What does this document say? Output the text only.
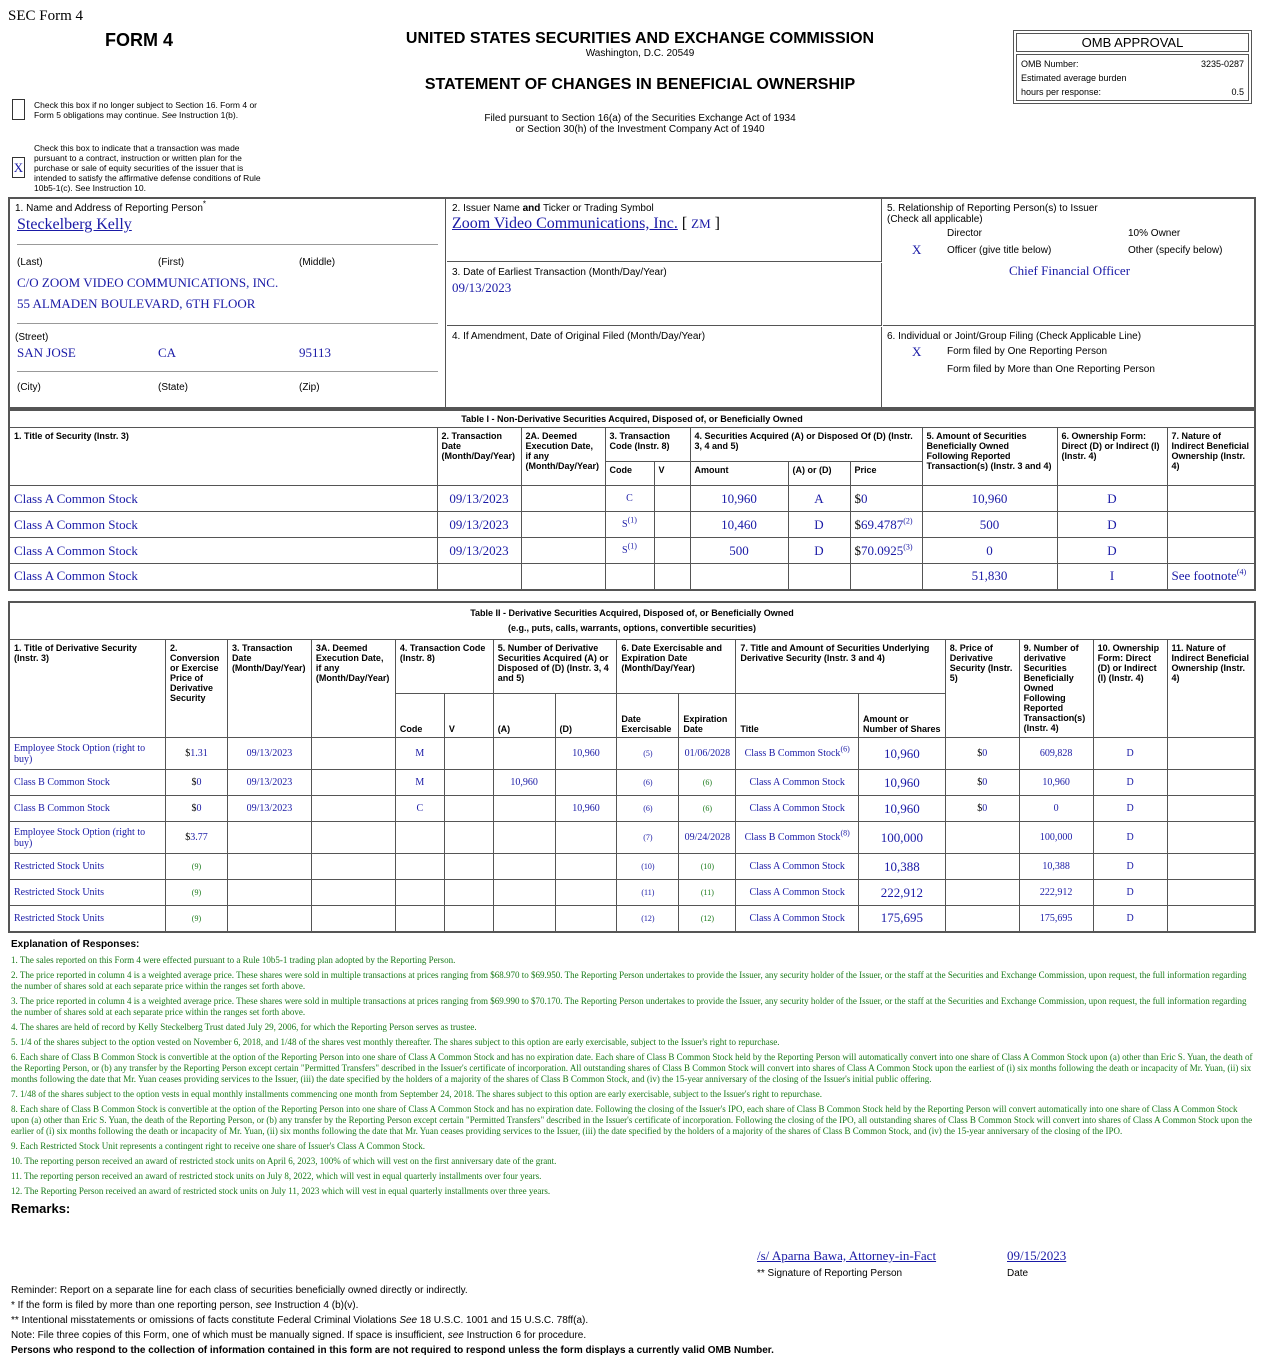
SEC Form 4
FORM 4	UNITED STATES SECURITIES AND EXCHANGE COMMISSION
Washington, D.C. 20549
STATEMENT OF CHANGES IN BENEFICIAL OWNERSHIP
Filed pursuant to Section 16(a) of the Securities Exchange Act of 1934
or Section 30(h) of the Investment Company Act of 1940
OMB APPROVAL
OMB Number:	3235-0287
Estimated average burden
hours per response:	0.5
Check this box if no longer subject to Section 16. Form 4 or Form 5 obligations may continue. See Instruction 1(b).
X
Check this box to indicate that a transaction was made pursuant to a contract, instruction or written plan for the purchase or sale of equity securities of the issuer that is intended to satisfy the affirmative defense conditions of Rule 10b5-1(c). See Instruction 10.
1. Name and Address of Reporting Person*
Steckelberg Kelly
(Last)	(First)	(Middle)
C/O ZOOM VIDEO COMMUNICATIONS, INC.
55 ALMADEN BOULEVARD, 6TH FLOOR
(Street)
SAN JOSE	CA	95113
(City)	(State)	(Zip)
2. Issuer Name and Ticker or Trading Symbol
Zoom Video Communications, Inc. [ ZM ]
3. Date of Earliest Transaction (Month/Day/Year)
09/13/2023
4. If Amendment, Date of Original Filed (Month/Day/Year)
5. Relationship of Reporting Person(s) to Issuer
(Check all applicable)
Director	10% Owner
X	Officer (give title below)	Other (specify below)
Chief Financial Officer
6. Individual or Joint/Group Filing (Check Applicable Line)
X	Form filed by One Reporting Person
Form filed by More than One Reporting Person
Table I - Non-Derivative Securities Acquired, Disposed of, or Beneficially Owned										
1. Title of Security (Instr. 3)	2. Transaction Date (Month/Day/Year)	2A. Deemed Execution Date, if any (Month/Day/Year)	3. Transaction Code (Instr. 8)		4. Securities Acquired (A) or Disposed Of (D) (Instr. 3, 4 and 5)			5. Amount of Securities Beneficially Owned Following Reported Transaction(s) (Instr. 3 and 4)	6. Ownership Form: Direct (D) or Indirect (I) (Instr. 4)	7. Nature of Indirect Beneficial Ownership (Instr. 4)
			Code	V	Amount	(A) or (D)	Price			
Class A Common Stock	09/13/2023		C		10,960	A	$0	10,960	D	
Class A Common Stock	09/13/2023		$S^{(1)}$		10,460	D	$69.4787$^{(2)}$	500	D	
Class A Common Stock	09/13/2023		$S^{(1)}$		500	D	$70.0925$^{(3)}$	0	D	
Class A Common Stock								51,830	I	See footnote$^{(4)}$
Table II - Derivative Securities Acquired, Disposed of, or Beneficially Owned
(e.g., puts, calls, warrants, options, convertible securities)															

1. Title of Derivative Security (Instr. 3)	2. Conversion or Exercise Price of Derivative Security	3. Transaction Date (Month/Day/Year)	3A. Deemed Execution Date, if any (Month/Day/Year)	4. Transaction Code (Instr. 8)		5. Number of Derivative Securities Acquired (A) or Disposed of (D) (Instr. 3, 4 and 5)		6. Date Exercisable and Expiration Date (Month/Day/Year)		7. Title and Amount of Securities Underlying Derivative Security (Instr. 3 and 4)		8. Price of Derivative Security (Instr. 5)	9. Number of derivative Securities Beneficially Owned Following Reported Transaction(s) (Instr. 4)	10. Ownership Form: Direct (D) or Indirect (I) (Instr. 4)	11. Nature of Indirect Beneficial Ownership (Instr. 4)
				Code	V	(A)	(D)	Date Exercisable	Expiration Date	Title	Amount or Number of Shares				
Employee Stock Option (right to buy)	$1.31	09/13/2023		M			10,960	(5)	01/06/2028	Class B Common Stock$^{(6)}$	10,960	$0	609,828	D	
Class B Common Stock	$0	09/13/2023		M		10,960		(6)	(6)	Class A Common Stock	10,960	$0	10,960	D	
Class B Common Stock	$0	09/13/2023		C			10,960	(6)	(6)	Class A Common Stock	10,960	$0	0	D	
Employee Stock Option (right to buy)	$3.77							(7)	09/24/2028	Class B Common Stock$^{(8)}$	100,000		100,000	D	
Restricted Stock Units	(9)							(10)	(10)	Class A Common Stock	10,388		10,388	D	
Restricted Stock Units	(9)							(11)	(11)	Class A Common Stock	222,912		222,912	D	
Restricted Stock Units	(9)							(12)	(12)	Class A Common Stock	175,695		175,695	D	
Explanation of Responses:
1. The sales reported on this Form 4 were effected pursuant to a Rule 10b5-1 trading plan adopted by the Reporting Person.
2. The price reported in column 4 is a weighted average price. These shares were sold in multiple transactions at prices ranging from $68.970 to $69.950. The Reporting Person undertakes to provide the Issuer, any security holder of the Issuer, or the staff at the Securities and Exchange Commission, upon request, the full information regarding the number of shares sold at each separate price within the ranges set forth above.
3. The price reported in column 4 is a weighted average price. These shares were sold in multiple transactions at prices ranging from $69.990 to $70.170. The Reporting Person undertakes to provide the Issuer, any security holder of the Issuer, or the staff at the Securities and Exchange Commission, upon request, the full information regarding the number of shares sold at each separate price within the ranges set forth above.
4. The shares are held of record by Kelly Steckelberg Trust dated July 29, 2006, for which the Reporting Person serves as trustee.
5. 1/4 of the shares subject to the option vested on November 6, 2018, and 1/48 of the shares vest monthly thereafter. The shares subject to this option are early exercisable, subject to the Issuer's right to repurchase.
6. Each share of Class B Common Stock is convertible at the option of the Reporting Person into one share of Class A Common Stock and has no expiration date. Each share of Class B Common Stock held by the Reporting Person will automatically convert into one share of Class A Common Stock upon (a) other than Eric S. Yuan, the death of the Reporting Person, or (b) any transfer by the Reporting Person except certain "Permitted Transfers" described in the Issuer's certificate of incorporation. All outstanding shares of Class B Common Stock will convert into shares of Class A Common Stock upon the earliest of (i) six months following the death or incapacity of Mr. Yuan, (ii) six months following the date that Mr. Yuan ceases providing services to the Issuer, (iii) the date specified by the holders of a majority of the shares of Class B Common Stock, and (iv) the 15-year anniversary of the closing of the Issuer's initial public offering.
7. 1/48 of the shares subject to the option vests in equal monthly installments commencing one month from September 24, 2018. The shares subject to this option are early exercisable, subject to the Issuer's right to repurchase.
8. Each share of Class B Common Stock is convertible at the option of the Reporting Person into one share of Class A Common Stock and has no expiration date. Following the closing of the Issuer's IPO, each share of Class B Common Stock held by the Reporting Person will convert automatically into one share of Class A Common Stock upon (a) other than Eric S. Yuan, the death of the Reporting Person, or (b) any transfer by the Reporting Person except certain "Permitted Transfers" described in the Issuer's certificate of incorporation. Following the closing of the IPO, all outstanding shares of Class B Common Stock will convert into shares of Class A Common Stock upon the earlier of (i) six months following the death or incapacity of Mr. Yuan, (ii) six months following the date that Mr. Yuan ceases providing services to the Issuer, (iii) the date specified by the holders of a majority of the shares of Class B Common Stock, and (iv) the 15-year anniversary of the closing of the IPO.
9. Each Restricted Stock Unit represents a contingent right to receive one share of Issuer's Class A Common Stock.
10. The reporting person received an award of restricted stock units on April 6, 2023, 100% of which will vest on the first anniversary date of the grant.
11. The reporting person received an award of restricted stock units on July 8, 2022, which will vest in equal quarterly installments over four years.
12. The Reporting Person received an award of restricted stock units on July 11, 2023 which will vest in equal quarterly installments over three years.
Remarks:
/s/ Aparna Bawa, Attorney-in-Fact	09/15/2023
** Signature of Reporting Person	Date
Reminder: Report on a separate line for each class of securities beneficially owned directly or indirectly.
* If the form is filed by more than one reporting person, see Instruction 4 (b)(v).
** Intentional misstatements or omissions of facts constitute Federal Criminal Violations See 18 U.S.C. 1001 and 15 U.S.C. 78ff(a).
Note: File three copies of this Form, one of which must be manually signed. If space is insufficient, see Instruction 6 for procedure.
Persons who respond to the collection of information contained in this form are not required to respond unless the form displays a currently valid OMB Number.
